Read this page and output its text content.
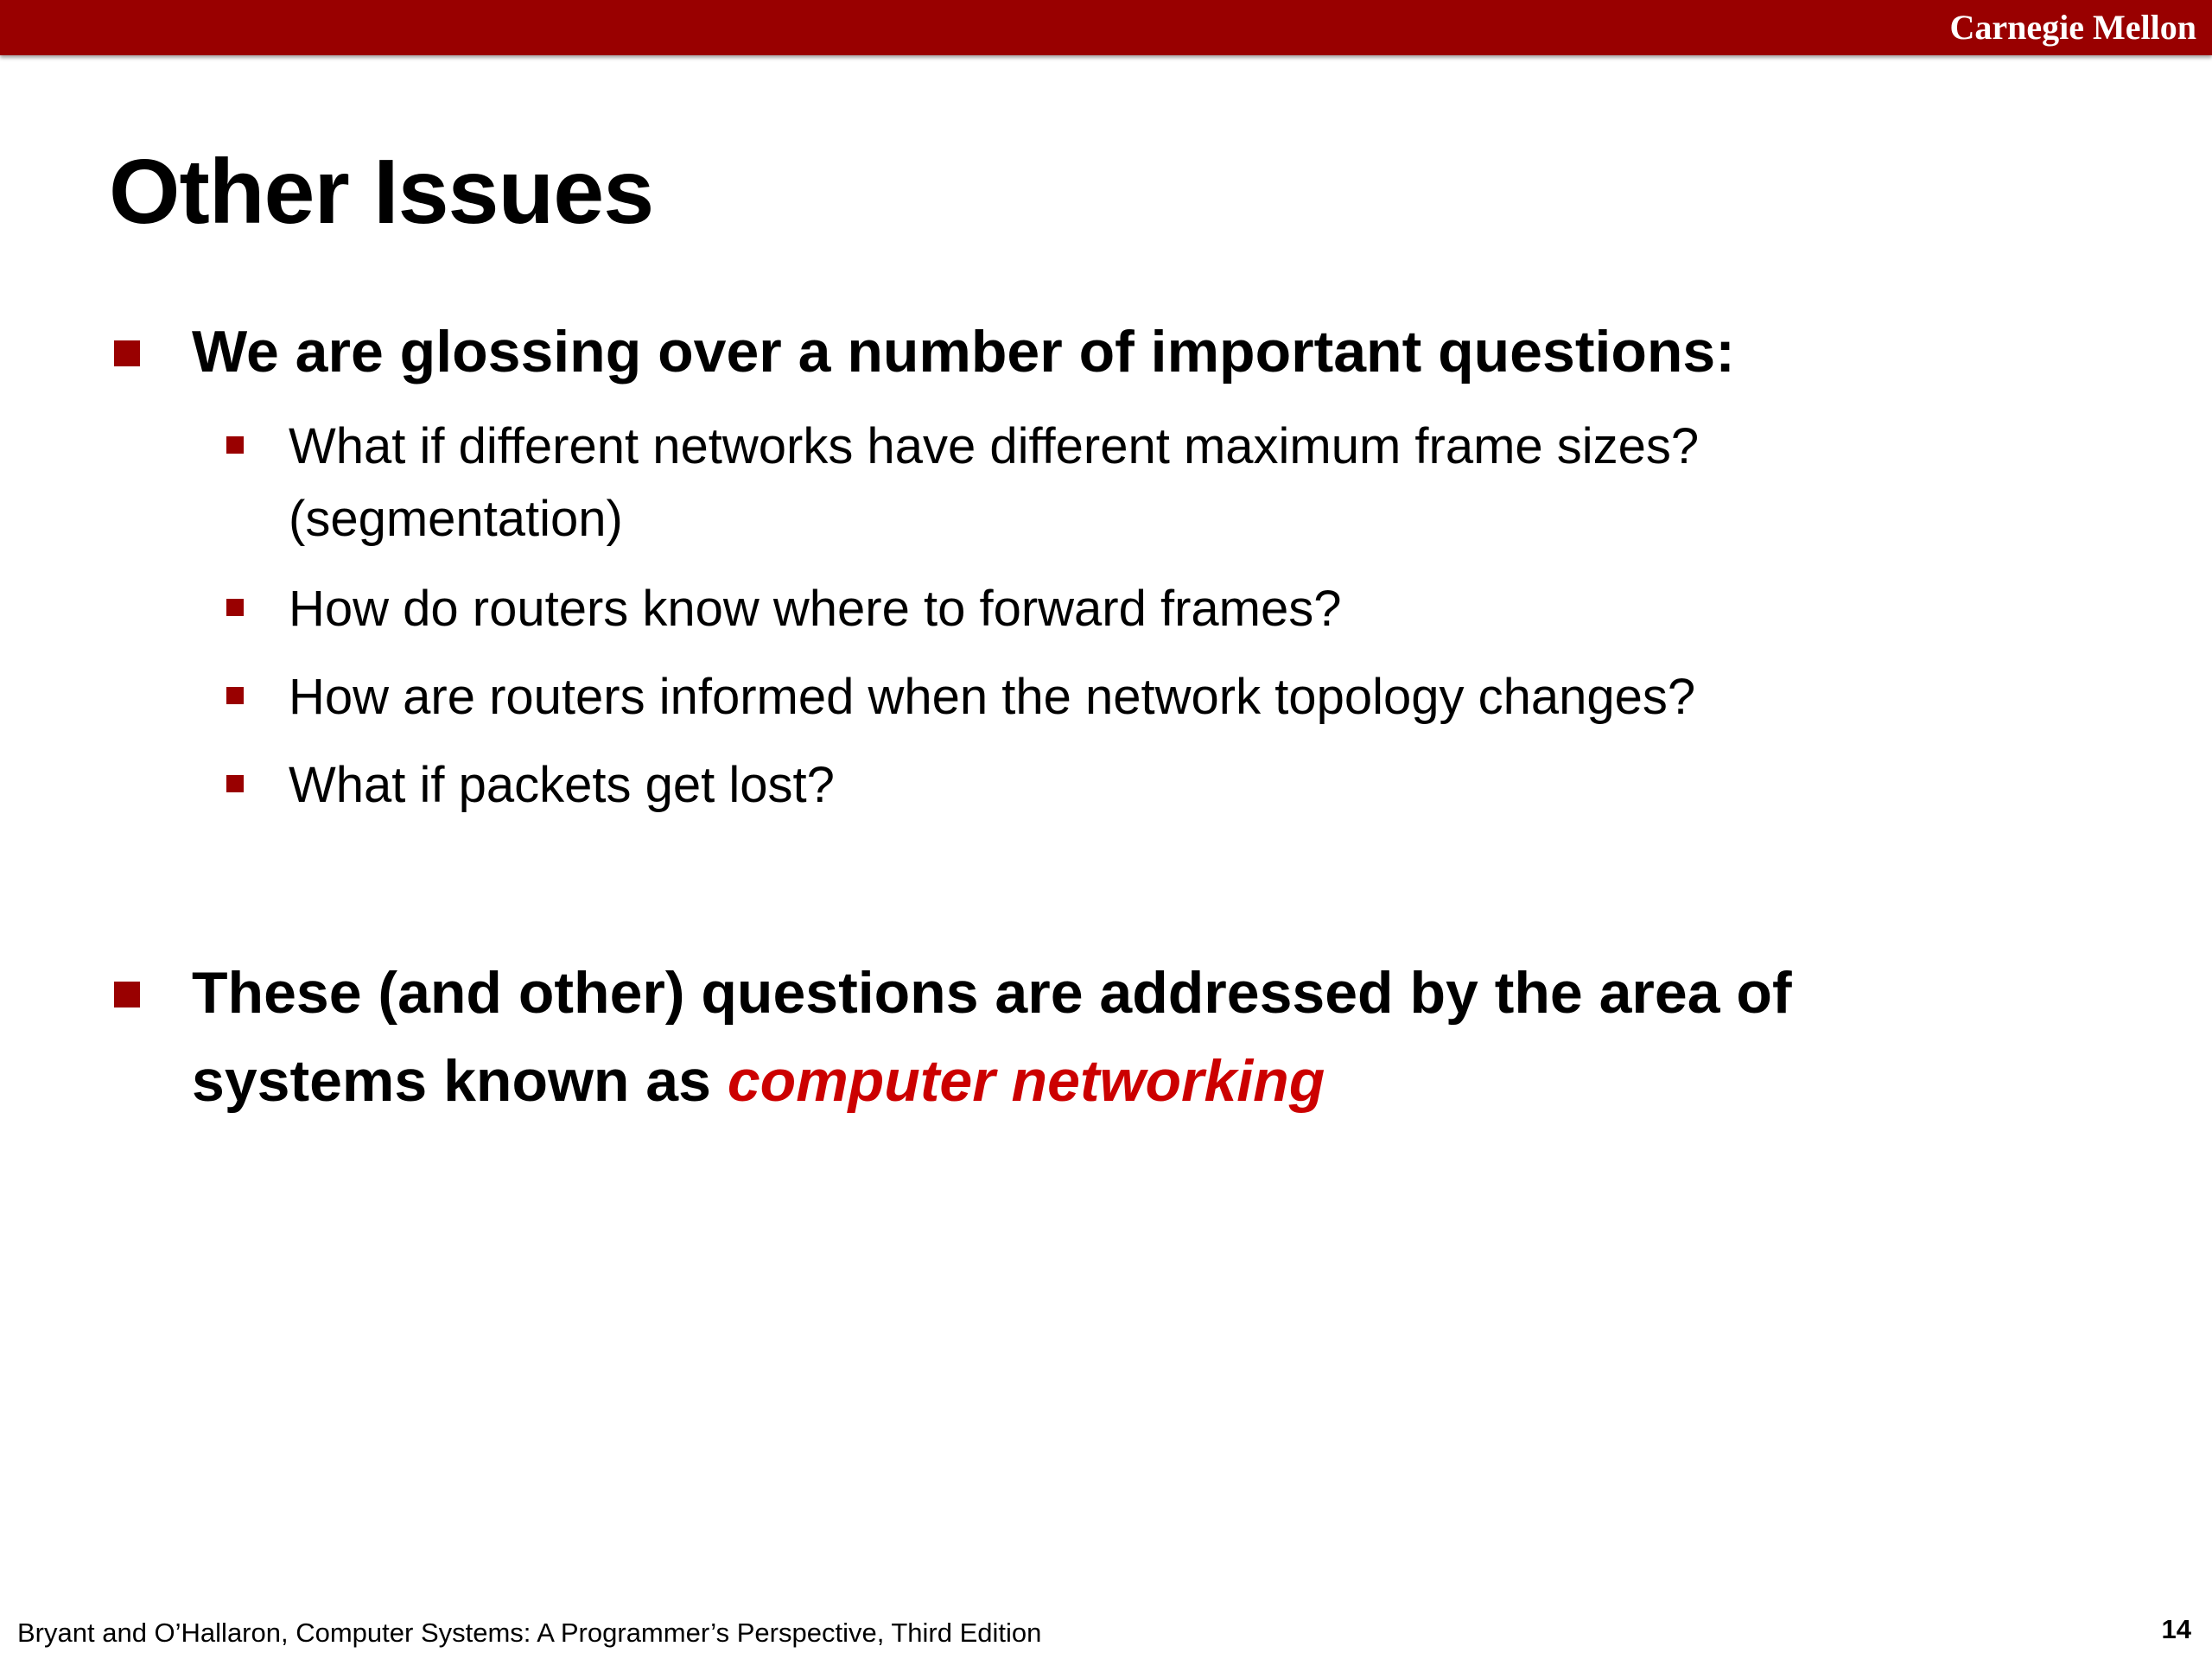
Carnegie Mellon
Other Issues
We are glossing over a number of important questions:
What if different networks have different maximum frame sizes?
(segmentation)
How do routers know where to forward frames?
How are routers informed when the network topology changes?
What if packets get lost?
These (and other) questions are addressed by the area of
systems known as computer networking
Bryant and O’Hallaron, Computer Systems: A Programmer’s Perspective, Third Edition	14
